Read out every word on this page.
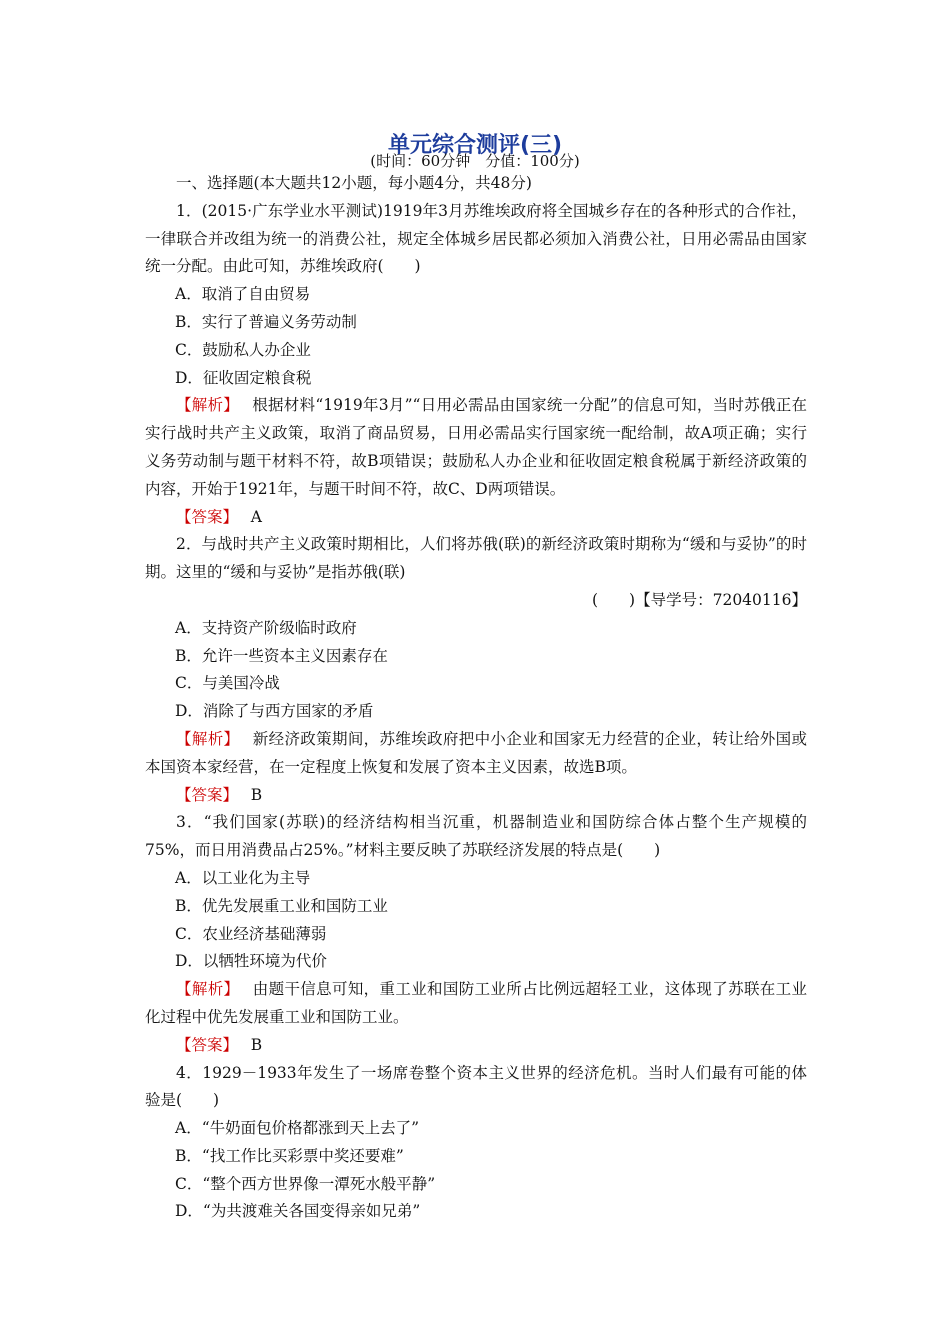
单元综合测评(三)
(时间：60分钟　分值：100分)

一、选择题(本大题共12小题，每小题4分，共48分)

1．(2015·广东学业水平测试)1919年3月苏维埃政府将全国城乡存在的各种形式的合作社，一律联合并改组为统一的消费公社，规定全体城乡居民都必须加入消费公社，日用必需品由国家统一分配。由此可知，苏维埃政府(　　)

A．取消了自由贸易

B．实行了普遍义务劳动制

C．鼓励私人办企业

D．征收固定粮食税

【解析】　 根据材料“1919年3月”“日用必需品由国家统一分配”的信息可知，当时苏俄正在实行战时共产主义政策，取消了商品贸易，日用必需品实行国家统一配给制，故A项正确；实行义务劳动制与题干材料不符，故B项错误；鼓励私人办企业和征收固定粮食税属于新经济政策的内容，开始于1921年，与题干时间不符，故C、D两项错误。

【答案】　 A

2．与战时共产主义政策时期相比，人们将苏俄(联)的新经济政策时期称为“缓和与妥协”的时期。这里的“缓和与妥协”是指苏俄(联)

(　　)【导学号：72040116】

A．支持资产阶级临时政府

B．允许一些资本主义因素存在

C．与美国冷战

D．消除了与西方国家的矛盾

【解析】　 新经济政策期间，苏维埃政府把中小企业和国家无力经营的企业，转让给外国或本国资本家经营，在一定程度上恢复和发展了资本主义因素，故选B项。

【答案】　 B

3．“我们国家(苏联)的经济结构相当沉重，机器制造业和国防综合体占整个生产规模的75%，而日用消费品占25%。”材料主要反映了苏联经济发展的特点是(　　)

A．以工业化为主导

B．优先发展重工业和国防工业

C．农业经济基础薄弱

D．以牺牲环境为代价

【解析】　 由题干信息可知，重工业和国防工业所占比例远超轻工业，这体现了苏联在工业化过程中优先发展重工业和国防工业。

【答案】　 B

4．1929－1933年发生了一场席卷整个资本主义世界的经济危机。当时人们最有可能的体验是(　　)

A．“牛奶面包价格都涨到天上去了”

B．“找工作比买彩票中奖还要难”

C．“整个西方世界像一潭死水般平静”

D．“为共渡难关各国变得亲如兄弟”
